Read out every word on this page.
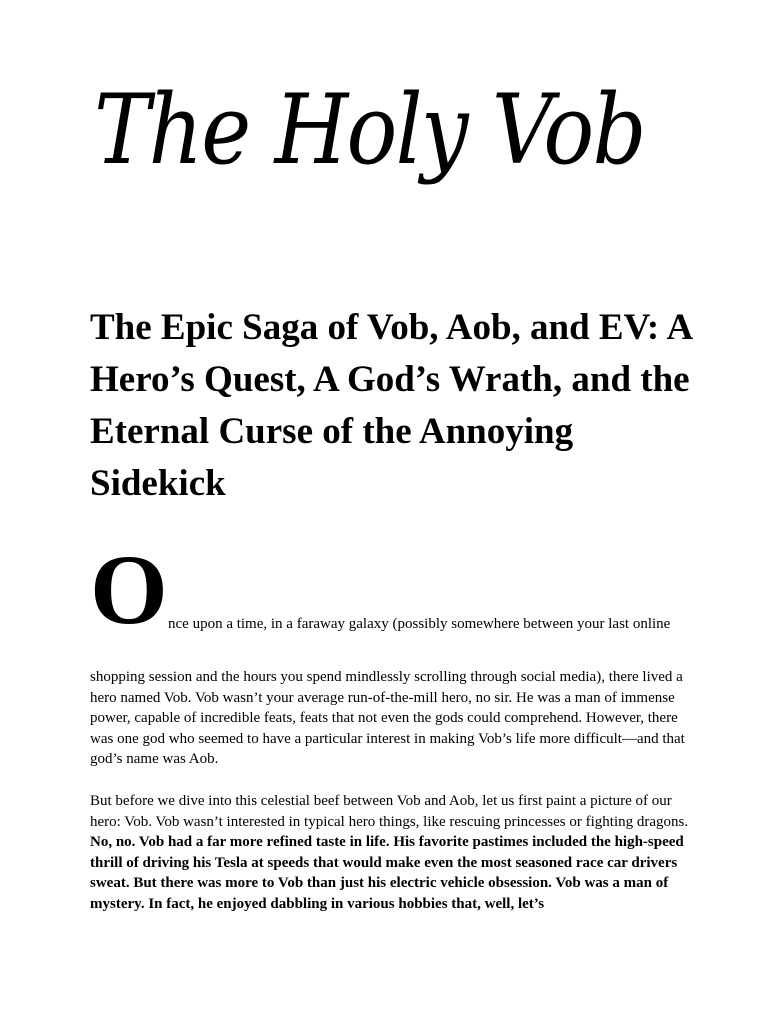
The Holy Vob
The Epic Saga of Vob, Aob, and EV: A Hero’s Quest, A God’s Wrath, and the Eternal Curse of the Annoying Sidekick
O nce upon a time, in a faraway galaxy (possibly somewhere between your last online

shopping session and the hours you spend mindlessly scrolling through social media), there lived a hero named Vob. Vob wasn’t your average run-of-the-mill hero, no sir. He was a man of immense power, capable of incredible feats, feats that not even the gods could comprehend. However, there was one god who seemed to have a particular interest in making Vob’s life more difficult—and that god’s name was Aob.

But before we dive into this celestial beef between Vob and Aob, let us first paint a picture of our hero: Vob. Vob wasn’t interested in typical hero things, like rescuing princesses or fighting dragons. No, no. Vob had a far more refined taste in life. His favorite pastimes included the high-speed thrill of driving his Tesla at speeds that would make even the most seasoned race car drivers sweat. But there was more to Vob than just his electric vehicle obsession. Vob was a man of mystery. In fact, he enjoyed dabbling in various hobbies that, well, let’s
